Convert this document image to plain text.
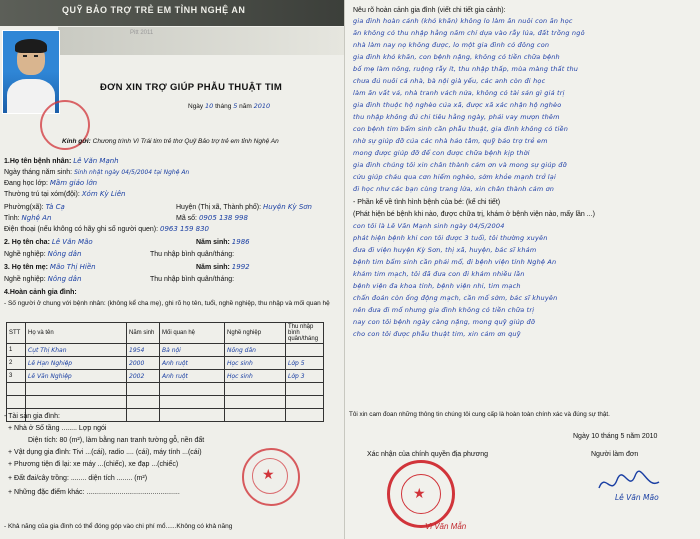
QUỸ BẢO TRỢ TRẺ EM TỈNH NGHỆ AN
Pitt 2011
ĐƠN XIN TRỢ GIÚP PHẪU THUẬT TIM
Ngày 10 tháng 5 năm 2010
Kính gửi: Chương trình Vì Trái tim trẻ thơ Quỹ Bảo trợ trẻ em tỉnh Nghệ An
1.Họ tên bệnh nhân: Lê Văn Mạnh
Ngày tháng năm sinh: Sinh nhật ngày 04/5/2004 tại Nghệ An
Đang học lớp: Mầm giáo lớn
Thường trú tại xóm(đội): Xóm Kỳ Liên
Phường(xã): Tà Cạ	Huyện (Thị xã, Thành phố): Huyện Kỳ Sơn
Tỉnh: Nghệ An	Mã số: 0905 138 998
Điện thoại (nếu không có hãy ghi số người quen): 0963 159 830
2. Họ tên cha: Lê Văn Mão	Năm sinh: 1986
Nghề nghiệp: Nông dân	Thu nhập bình quân/tháng:
3. Họ tên mẹ: Mão Thị Hiền	Năm sinh: 1992
Nghề nghiệp: Nông dân	Thu nhập bình quân/tháng:
4.Hoàn cảnh gia đình:
- Số người ở chung với bệnh nhân: (không kể cha mẹ), ghi rõ họ tên, tuổi, nghề nghiệp, thu nhập và mối quan hệ
STT	Họ và tên	Năm sinh	Mối quan hệ	Nghề nghiệp	Thu nhập bình quân/tháng
1	Cụt Thị Khan	1954	Bà nội	Nông dân	
2	Lê Hạn Nghiệp	2000	Anh ruột	Học sinh	Lớp 5
3	Lê Văn Nghiệp	2002	Anh ruột	Học sinh	Lớp 3

- Tài sản gia đình:
+ Nhà ở Số tầng ........ Lợp ngói
Diện tích: 80 (m²), làm bằng nan tranh tường gỗ, nền đất
+ Vật dụng gia đình: Tivi ...(cái), radio .... (cái), máy tính ...(cái)
+ Phương tiện đi lại: xe máy ...(chiếc), xe đạp ...(chiếc)
+ Đất đai/cây trồng: ........ diện tích ........ (m²)
+ Những đặc điểm khác: ................................................
★
- Khả năng của gia đình có thể đóng góp vào chi phí mổ......Không có khả năng
Nêu rõ hoàn cảnh gia đình (viết chi tiết gia cảnh):
gia đình hoàn cảnh (khó khăn) không lo làm ăn nuôi con ăn học
ăn không có thu nhập hằng năm chỉ dựa vào rẫy lúa, đất trồng ngô
nhà làm nay nọ không được, lo một gia đình có đông con
gia đình khó khăn, con bệnh nặng, không có tiền chữa bệnh
bố mẹ làm nông, ruộng rẫy ít, thu nhập thấp, mùa màng thất thu
chưa đủ nuôi cả nhà, bà nội già yếu, các anh còn đi học
làm ăn vất vả, nhà tranh vách nứa, không có tài sản gì giá trị
gia đình thuộc hộ nghèo của xã, được xã xác nhận hộ nghèo
thu nhập không đủ chi tiêu hằng ngày, phải vay mượn thêm
con bệnh tim bẩm sinh cần phẫu thuật, gia đình không có tiền
nhờ sự giúp đỡ của các nhà hảo tâm, quỹ bảo trợ trẻ em
mong được giúp đỡ để con được chữa bệnh kịp thời
gia đình chúng tôi xin chân thành cảm ơn và mong sự giúp đỡ
cứu giúp cháu qua cơn hiểm nghèo, sớm khỏe mạnh trở lại
đi học như các bạn cùng trang lứa, xin chân thành cảm ơn
- Phần kể về tình hình bệnh của bé: (kể chi tiết)
(Phát hiện bé bệnh khi nào, được chữa trị, khám ở bệnh viện nào, mấy lần ...)
con tôi là Lê Văn Mạnh sinh ngày 04/5/2004
phát hiện bệnh khi con tôi được 3 tuổi, tôi thường xuyên
đưa đi viện huyện Kỳ Sơn, thị xã, huyện, bác sĩ khám
bệnh tim bẩm sinh cần phải mổ, đi bệnh viện tỉnh Nghệ An
khám tim mạch, tôi đã đưa con đi khám nhiều lần
bệnh viện đa khoa tỉnh, bệnh viện nhi, tim mạch
chẩn đoán còn ống động mạch, cần mổ sớm, bác sĩ khuyên
nên đưa đi mổ nhưng gia đình không có tiền chữa trị
nay con tôi bệnh ngày càng nặng, mong quỹ giúp đỡ
cho con tôi được phẫu thuật tim, xin cảm ơn quỹ
Tôi xin cam đoan những thông tin chúng tôi cung cấp là hoàn toàn chính xác và đúng sự thật.
Ngày 10 tháng 5 năm 2010
Xác nhận của chính quyền địa phương	Người làm đơn
★
Vi Văn Mẫn
Lê Văn Mão
